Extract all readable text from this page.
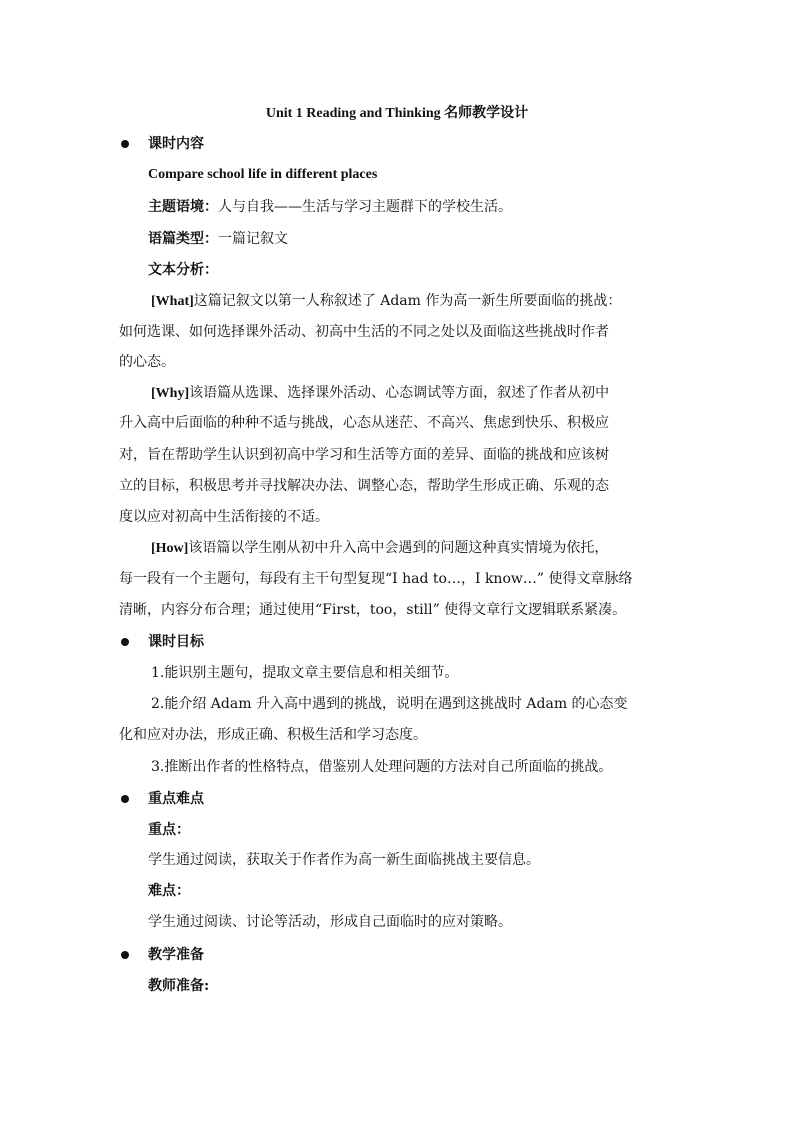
Unit 1 Reading and Thinking 名师教学设计
课时内容
Compare school life in different places
主题语境：人与自我——生活与学习主题群下的学校生活。
语篇类型：一篇记叙文
文本分析：
[What]这篇记叙文以第一人称叙述了 Adam 作为高一新生所要面临的挑战：
如何选课、如何选择课外活动、初高中生活的不同之处以及面临这些挑战时作者
的心态。
[Why]该语篇从选课、选择课外活动、心态调试等方面，叙述了作者从初中
升入高中后面临的种种不适与挑战，心态从迷茫、不高兴、焦虑到快乐、积极应
对，旨在帮助学生认识到初高中学习和生活等方面的差异、面临的挑战和应该树
立的目标，积极思考并寻找解决办法、调整心态，帮助学生形成正确、乐观的态
度以应对初高中生活衔接的不适。
[How]该语篇以学生刚从初中升入高中会遇到的问题这种真实情境为依托，
每一段有一个主题句，每段有主干句型复现“I had to…，I know…” 使得文章脉络
清晰，内容分布合理；通过使用“First，too，still” 使得文章行文逻辑联系紧凑。
课时目标
1.能识别主题句，提取文章主要信息和相关细节。
2.能介绍 Adam 升入高中遇到的挑战，说明在遇到这挑战时 Adam 的心态变
化和应对办法，形成正确、积极生活和学习态度。
3.推断出作者的性格特点，借鉴别人处理问题的方法对自己所面临的挑战。
重点难点
重点：
学生通过阅读，获取关于作者作为高一新生面临挑战主要信息。
难点：
学生通过阅读、讨论等活动，形成自己面临时的应对策略。
教学准备
教师准备:
